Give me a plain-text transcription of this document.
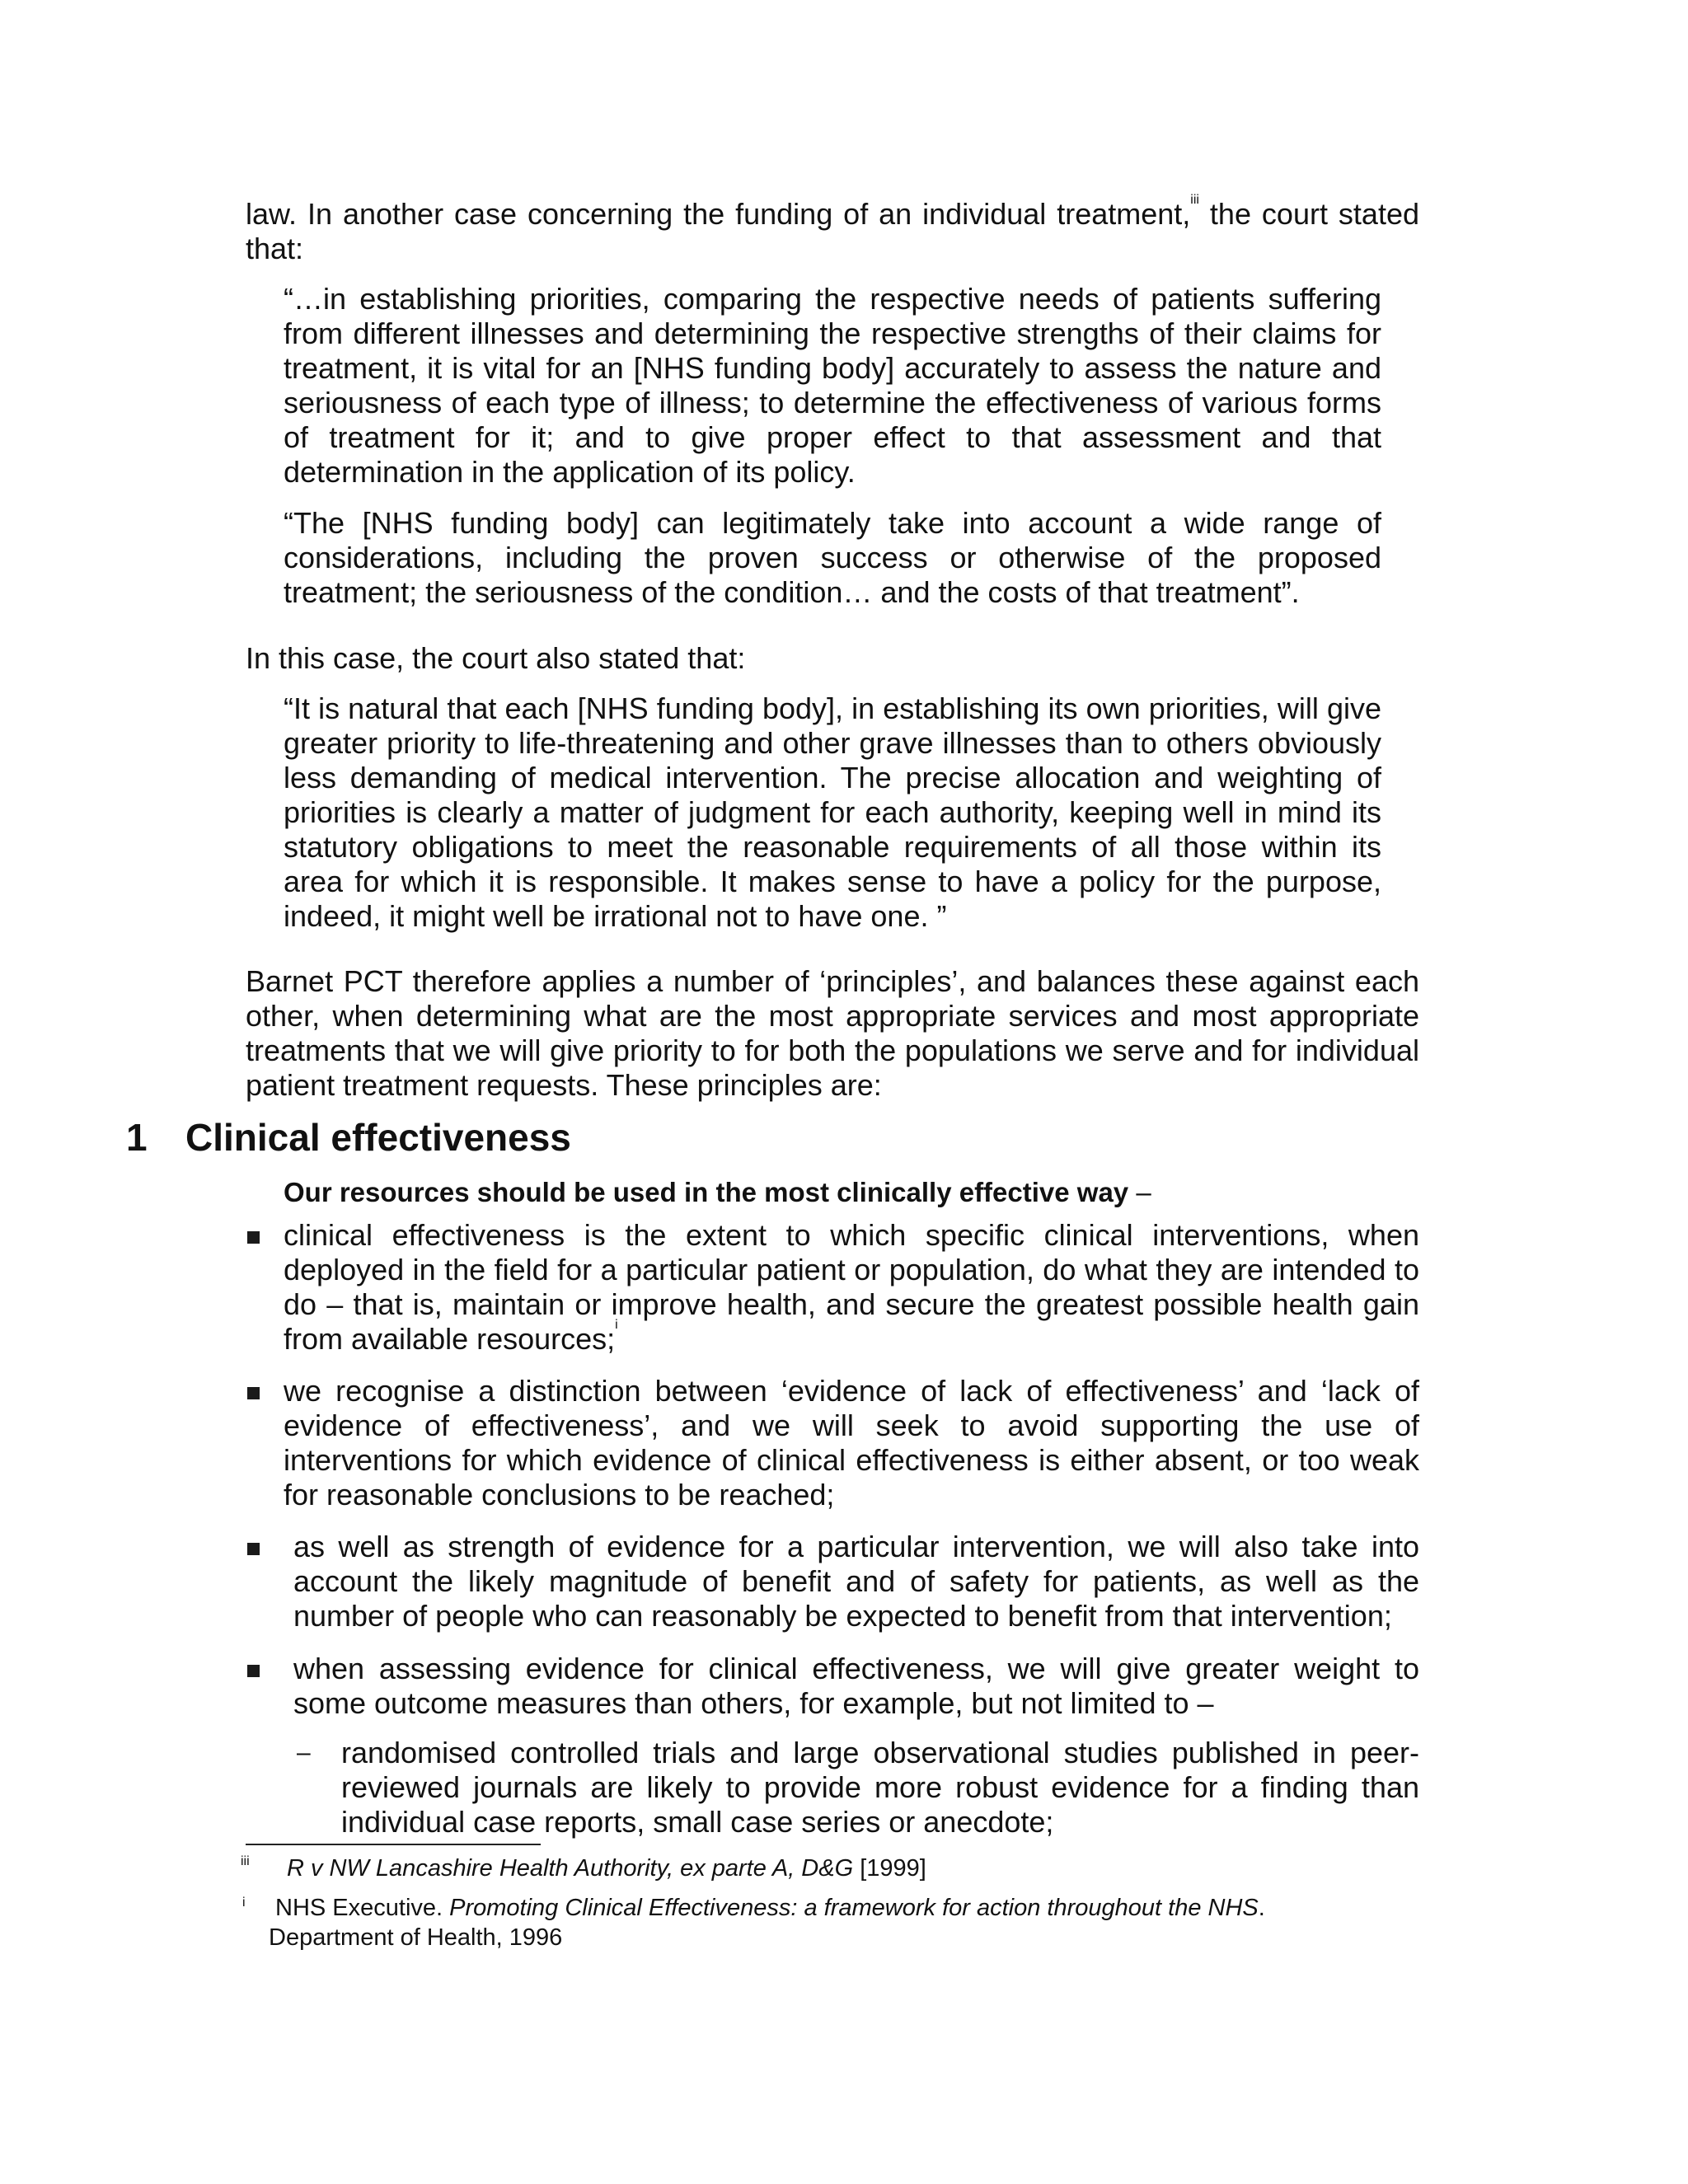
law. In another case concerning the funding of an individual treatment,$^{iii}$ the court stated

that:

“…in establishing priorities, comparing the respective needs of patients suffering from different illnesses and determining the respective strengths of their claims for treatment, it is vital for an [NHS funding body] accurately to assess the nature and seriousness of each type of illness; to determine the effectiveness of various forms of treatment for it; and to give proper effect to that assessment and that determination in the application of its policy.

“The [NHS funding body] can legitimately take into account a wide range of considerations, including the proven success or otherwise of the proposed treatment; the seriousness of the condition… and the costs of that treatment”.

In this case, the court also stated that:

“It is natural that each [NHS funding body], in establishing its own priorities, will give greater priority to life-threatening and other grave illnesses than to others obviously less demanding of medical intervention. The precise allocation and weighting of priorities is clearly a matter of judgment for each authority, keeping well in mind its statutory obligations to meet the reasonable requirements of all those within its area for which it is responsible. It makes sense to have a policy for the purpose, indeed, it might well be irrational not to have one. ”

Barnet PCT therefore applies a number of ‘principles’, and balances these against each other, when determining what are the most appropriate services and most appropriate treatments that we will give priority to for both the populations we serve and for individual patient treatment requests. These principles are:

1 Clinical effectiveness

Our resources should be used in the most clinically effective way –

clinical effectiveness is the extent to which specific clinical interventions, when deployed in the field for a particular patient or population, do what they are intended to do – that is, maintain or improve health, and secure the greatest possible health gain from available resources;$^i$

we recognise a distinction between ‘evidence of lack of effectiveness’ and ‘lack of evidence of effectiveness’, and we will seek to avoid supporting the use of interventions for which evidence of clinical effectiveness is either absent, or too weak for reasonable conclusions to be reached;

as well as strength of evidence for a particular intervention, we will also take into account the likely magnitude of benefit and of safety for patients, as well as the number of people who can reasonably be expected to benefit from that intervention;

when assessing evidence for clinical effectiveness, we will give greater weight to some outcome measures than others, for example, but not limited to –

– randomised controlled trials and large observational studies published in peer-reviewed journals are likely to provide more robust evidence for a finding than individual case reports, small case series or anecdote;

iii R v NW Lancashire Health Authority, ex parte A, D&G [1999]

i NHS Executive. Promoting Clinical Effectiveness: a framework for action throughout the NHS.

Department of Health, 1996
